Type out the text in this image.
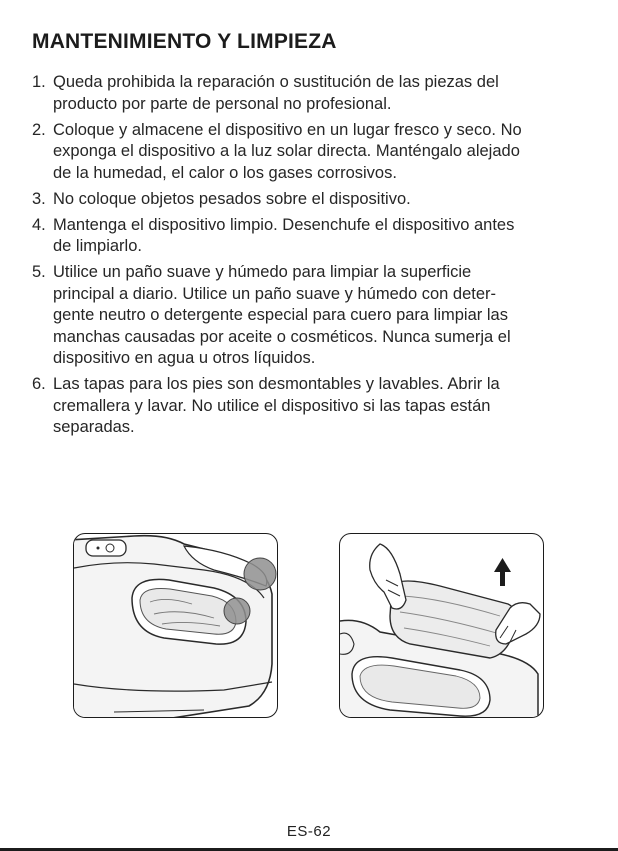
MANTENIMIENTO Y LIMPIEZA
1. Queda prohibida la reparación o sustitución de las piezas del
producto por parte de personal no profesional.
2. Coloque y almacene el dispositivo en un lugar fresco y seco. No
exponga el dispositivo a la luz solar directa. Manténgalo alejado
de la humedad, el calor o los gases corrosivos.
3. No coloque objetos pesados sobre el dispositivo.
4. Mantenga el dispositivo limpio. Desenchufe el dispositivo antes
de limpiarlo.
5. Utilice un paño suave y húmedo para limpiar la superficie
principal a diario. Utilice un paño suave y húmedo con deter-
gente neutro o detergente especial para cuero para limpiar las
manchas causadas por aceite o cosméticos. Nunca sumerja el
dispositivo en agua u otros líquidos.
6. Las tapas para los pies son desmontables y lavables. Abrir la
cremallera y lavar. No utilice el dispositivo si las tapas están
separadas.
ES-62
